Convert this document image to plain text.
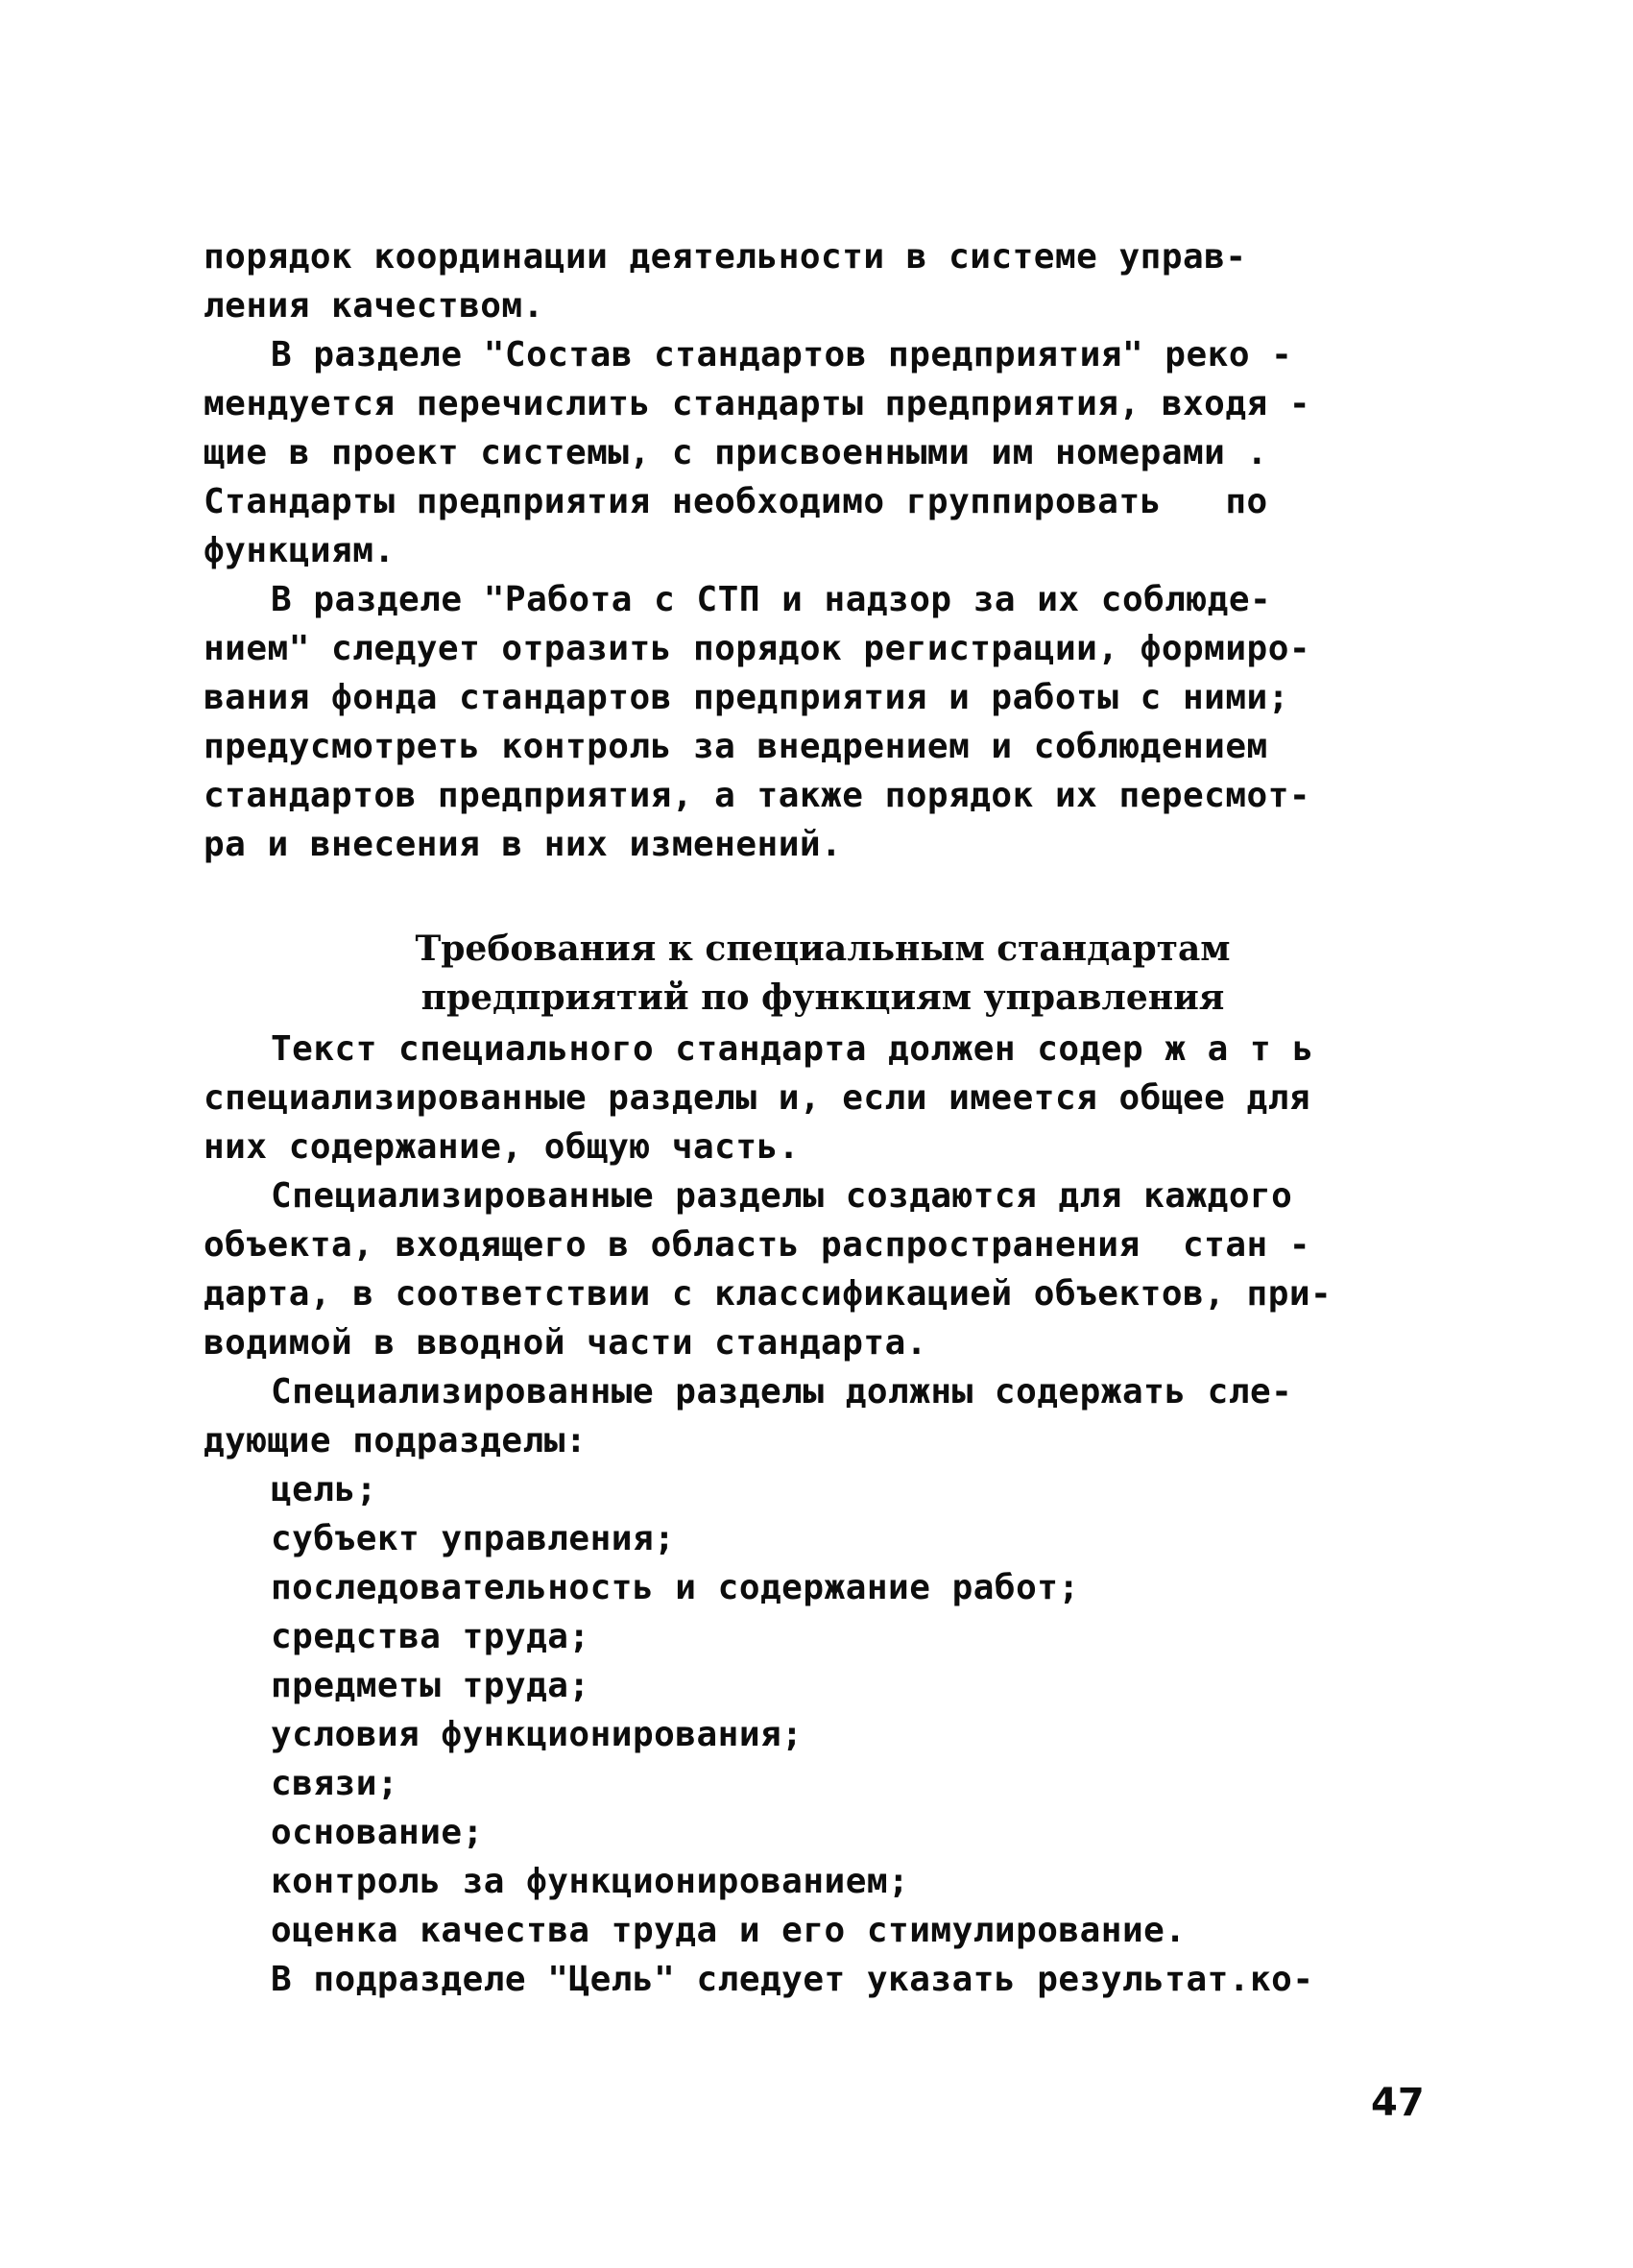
порядок координации деятельности в системе управ-
ления качеством.
В разделе "Состав стандартов предприятия" реко -
мендуется перечислить стандарты предприятия, входя -
щие в проект системы, с присвоенными им номерами .
Стандарты предприятия необходимо группировать   по
функциям.
В разделе "Работа с СТП и надзор за их соблюде-
нием" следует отразить порядок регистрации, формиро-
вания фонда стандартов предприятия и работы с ними;
предусмотреть контроль за внедрением и соблюдением
стандартов предприятия, а также порядок их пересмот-
ра и внесения в них изменений.
Требования к специальным стандартам
предприятий по функциям управления
Текст специального стандарта должен содер ж а т ь
специализированные разделы и, если имеется общее для
них содержание, общую часть.
Специализированные разделы создаются для каждого
объекта, входящего в область распространения  стан -
дарта, в соответствии с классификацией объектов, при-
водимой в вводной части стандарта.
Специализированные разделы должны содержать сле-
дующие подразделы:
цель;
субъект управления;
последовательность и содержание работ;
средства труда;
предметы труда;
условия функционирования;
связи;
основание;
контроль за функционированием;
оценка качества труда и его стимулирование.
В подразделе "Цель" следует указать результат.ко-
47
